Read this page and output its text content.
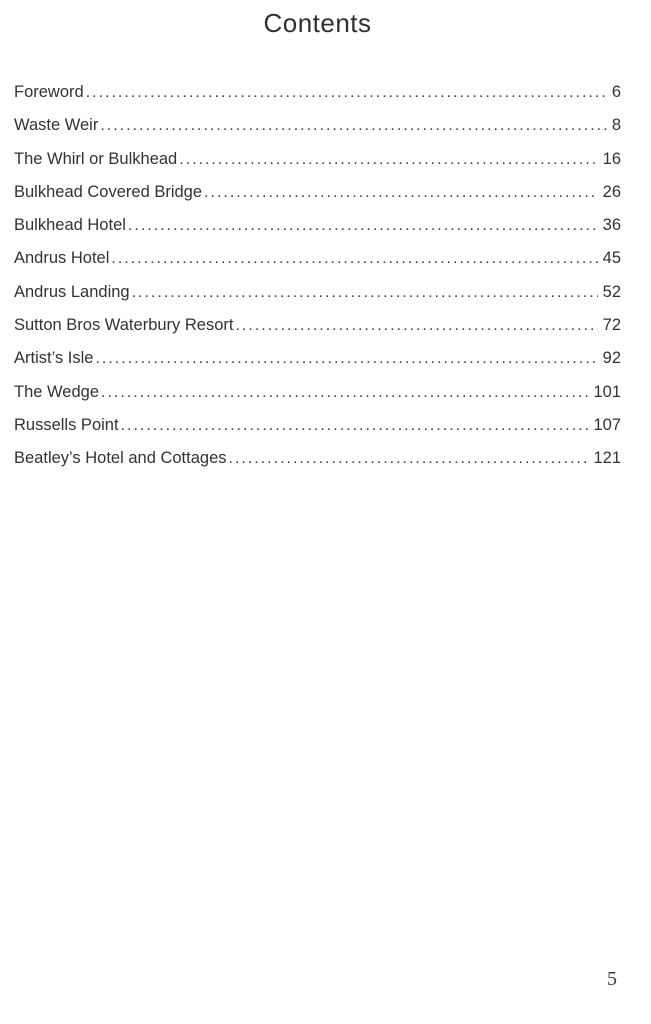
Contents
Foreword .....	6
Waste Weir .....	8
The Whirl or Bulkhead .....	16
Bulkhead Covered Bridge .....	26
Bulkhead Hotel .....	36
Andrus Hotel .....	45
Andrus Landing .....	52
Sutton Bros Waterbury Resort .....	72
Artist’s Isle .....	92
The Wedge .....	101
Russells Point .....	107
Beatley’s Hotel and Cottages .....	121
5
